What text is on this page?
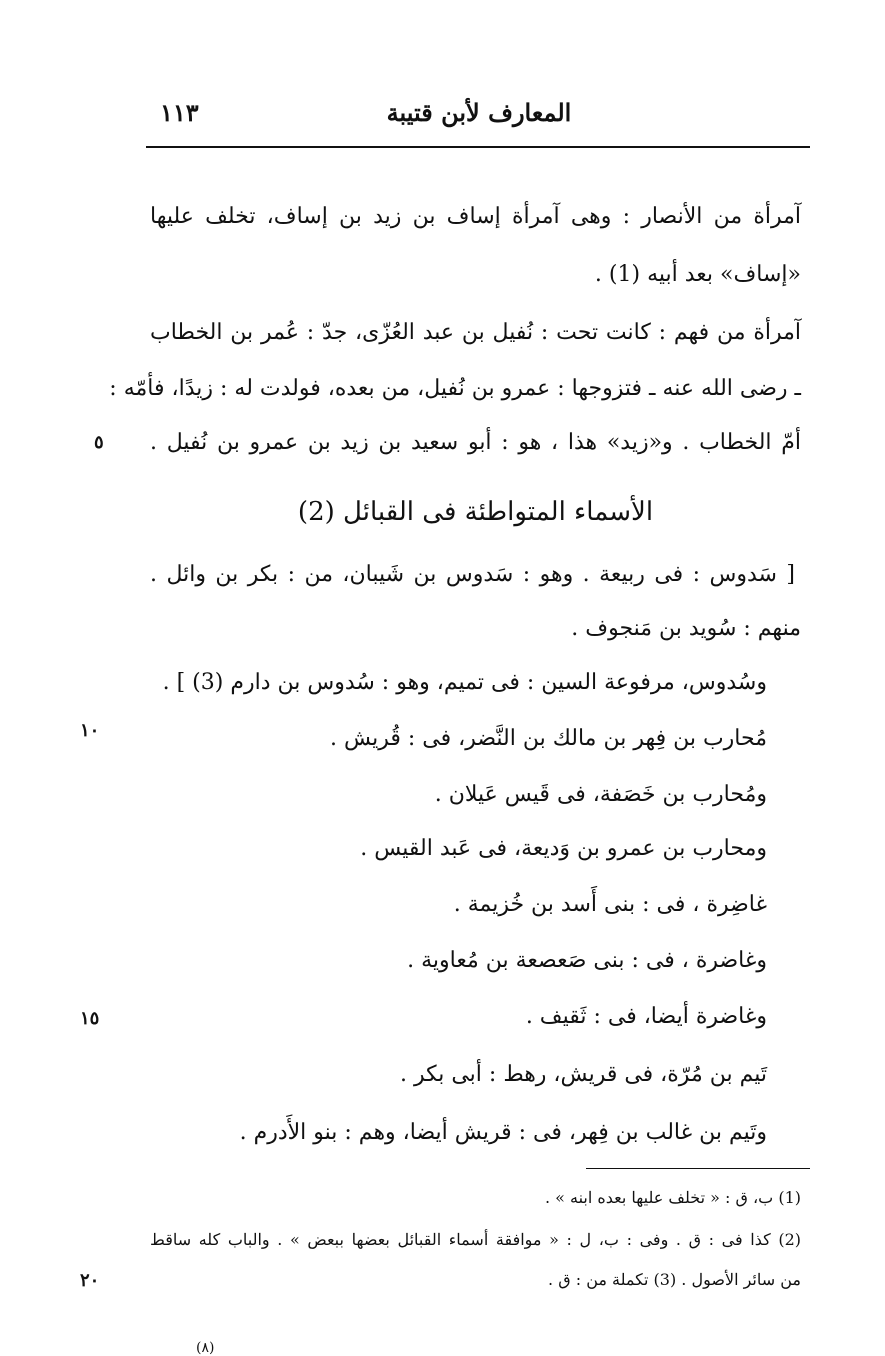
المعارف لأبن قتيبة
١١٣
آمرأة من الأنصار : وهى آمرأة إساف بن زيد بن إساف، تخلف عليها
«إساف» بعد أبيه (1) .
آمرأة من فهم : كانت تحت : نُفيل بن عبد العُزّى، جدّ : عُمر بن الخطاب
ـ رضى الله عنه ـ فتزوجها : عمرو بن نُفيل، من بعده، فولدت له : زيدًا، فأمّه :
أمّ الخطاب . و«زيد» هذا ، هو : أبو سعيد بن زيد بن عمرو بن نُفيل .
الأسماء المتواطئة فى القبائل (2)
[ سَدوس : فى ربيعة . وهو : سَدوس بن شَيبان، من : بكر بن وائل .
منهم : سُويد بن مَنجوف .
وسُدوس، مرفوعة السين : فى تميم، وهو : سُدوس بن دارم (3) ] .
مُحارب بن فِهر بن مالك بن النَّضر، فى : قُريش .
ومُحارب بن خَصَفة، فى قَيس عَيلان .
ومحارب بن عمرو بن وَديعة، فى عَبد القيس .
غاضِرة ، فى : بنى أَسد بن خُزيمة .
وغاضرة ، فى : بنى صَعصعة بن مُعاوية .
وغاضرة أيضا، فى : ثَقيف .
تَيم بن مُرّة، فى قريش، رهط : أبى بكر .
وتَيم بن غالب بن فِهر، فى : قريش أيضا، وهم : بنو الأَدرم .
٥
١٠
١٥
٢٠
(1) ب، ق : « تخلف عليها بعده ابنه » .
(2) كذا فى : ق . وفى : ب، ل : « موافقة أسماء القبائل بعضها ببعض » . والباب كله ساقط
من سائر الأصول . (3) تكملة من : ق .
(٨)
